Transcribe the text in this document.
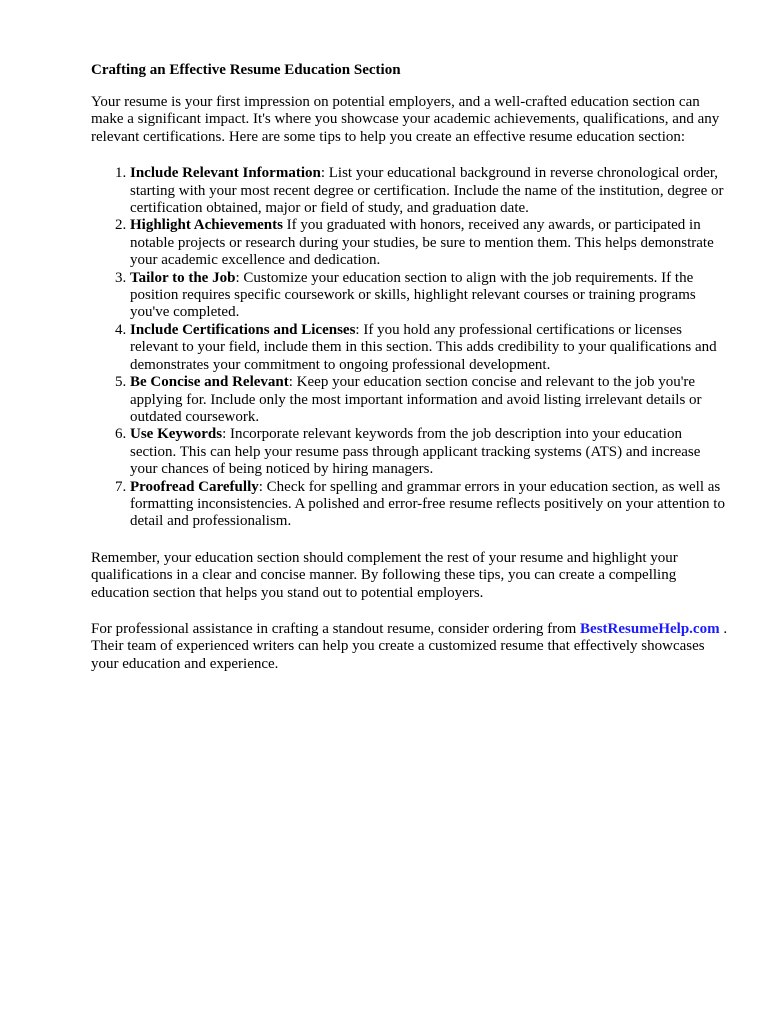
Crafting an Effective Resume Education Section

Your resume is your first impression on potential employers, and a well-crafted education section can make a significant impact. It's where you showcase your academic achievements, qualifications, and any relevant certifications. Here are some tips to help you create an effective resume education section:

1. Include Relevant Information: List your educational background in reverse chronological order, starting with your most recent degree or certification. Include the name of the institution, degree or certification obtained, major or field of study, and graduation date.
2. Highlight Achievements If you graduated with honors, received any awards, or participated in notable projects or research during your studies, be sure to mention them. This helps demonstrate your academic excellence and dedication.
3. Tailor to the Job: Customize your education section to align with the job requirements. If the position requires specific coursework or skills, highlight relevant courses or training programs you've completed.
4. Include Certifications and Licenses: If you hold any professional certifications or licenses relevant to your field, include them in this section. This adds credibility to your qualifications and demonstrates your commitment to ongoing professional development.
5. Be Concise and Relevant: Keep your education section concise and relevant to the job you're applying for. Include only the most important information and avoid listing irrelevant details or outdated coursework.
6. Use Keywords: Incorporate relevant keywords from the job description into your education section. This can help your resume pass through applicant tracking systems (ATS) and increase your chances of being noticed by hiring managers.
7. Proofread Carefully: Check for spelling and grammar errors in your education section, as well as formatting inconsistencies. A polished and error-free resume reflects positively on your attention to detail and professionalism.

Remember, your education section should complement the rest of your resume and highlight your qualifications in a clear and concise manner. By following these tips, you can create a compelling education section that helps you stand out to potential employers.

For professional assistance in crafting a standout resume, consider ordering from BestResumeHelp.com . Their team of experienced writers can help you create a customized resume that effectively showcases your education and experience.
